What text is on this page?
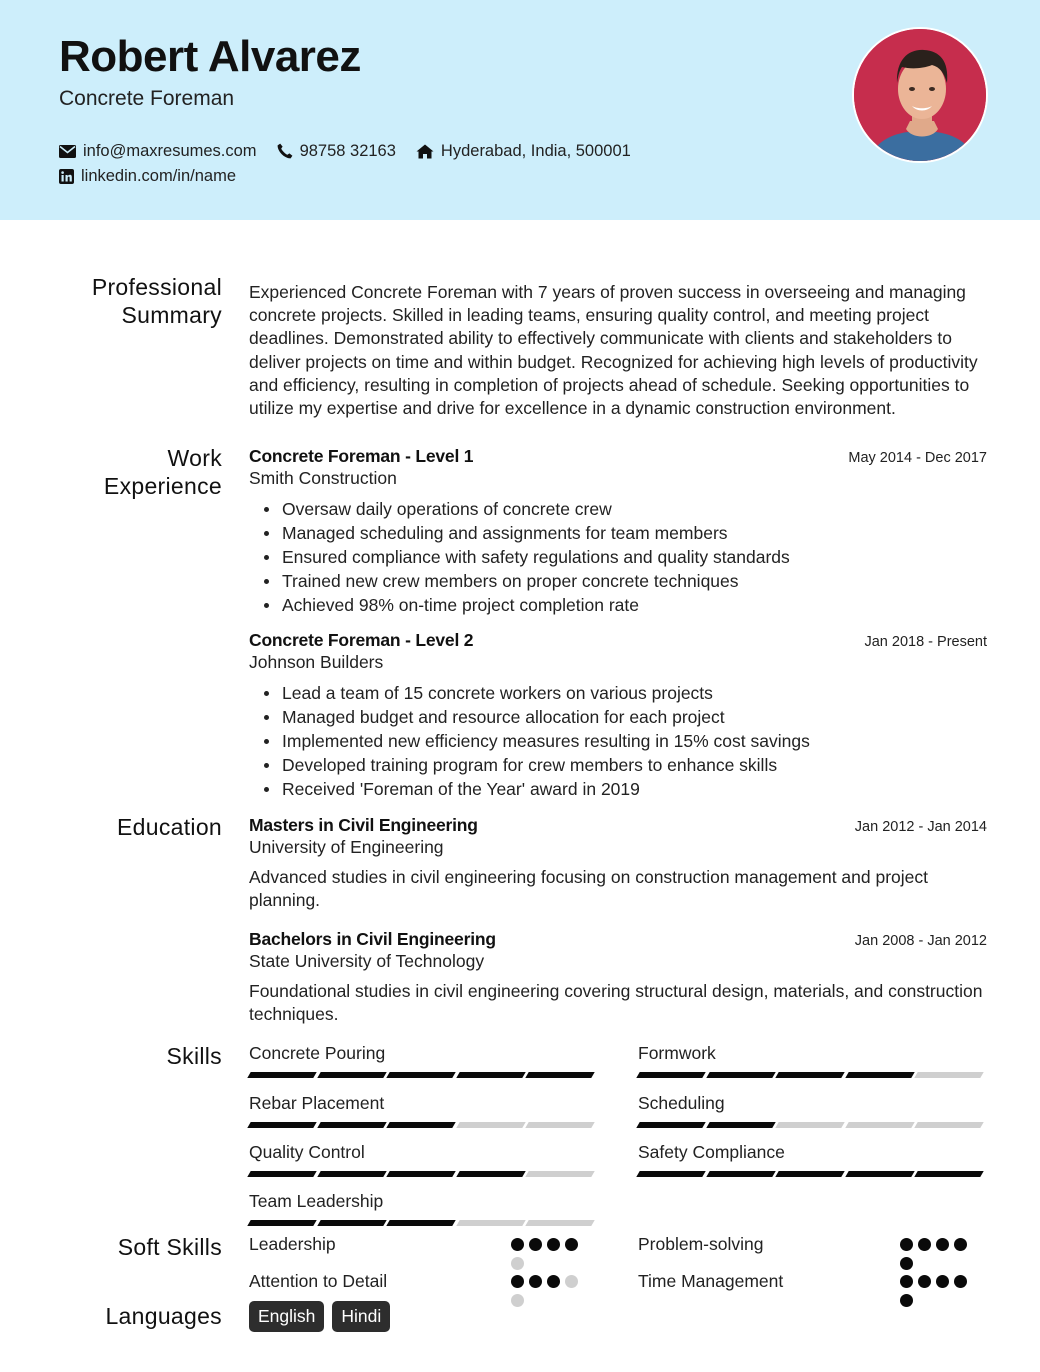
Robert Alvarez
Concrete Foreman
info@maxresumes.com	98758 32163	Hyderabad, India, 500001
linkedin.com/in/name
Professional Summary

Experienced Concrete Foreman with 7 years of proven success in overseeing and managing concrete projects. Skilled in leading teams, ensuring quality control, and meeting project deadlines. Demonstrated ability to effectively communicate with clients and stakeholders to deliver projects on time and within budget. Recognized for achieving high levels of productivity and efficiency, resulting in completion of projects ahead of schedule. Seeking opportunities to utilize my expertise and drive for excellence in a dynamic construction environment.

Work Experience
Concrete Foreman - Level 1	May 2014 - Dec 2017
Smith Construction
Oversaw daily operations of concrete crew
Managed scheduling and assignments for team members
Ensured compliance with safety regulations and quality standards
Trained new crew members on proper concrete techniques
Achieved 98% on-time project completion rate
Concrete Foreman - Level 2	Jan 2018 - Present
Johnson Builders
Lead a team of 15 concrete workers on various projects
Managed budget and resource allocation for each project
Implemented new efficiency measures resulting in 15% cost savings
Developed training program for crew members to enhance skills
Received 'Foreman of the Year' award in 2019
Education Masters in Civil Engineering	Jan 2012 - Jan 2014
University of Engineering

Advanced studies in civil engineering focusing on construction management and project planning.

Bachelors in Civil Engineering	Jan 2008 - Jan 2012
State University of Technology

Foundational studies in civil engineering covering structural design, materials, and construction techniques.

Skills Concrete Pouring	Formwork
Rebar Placement	Scheduling
Quality Control	Safety Compliance
Team Leadership
Soft Skills Leadership	Problem-solving
Attention to Detail	Time Management
Languages	English	Hindi
